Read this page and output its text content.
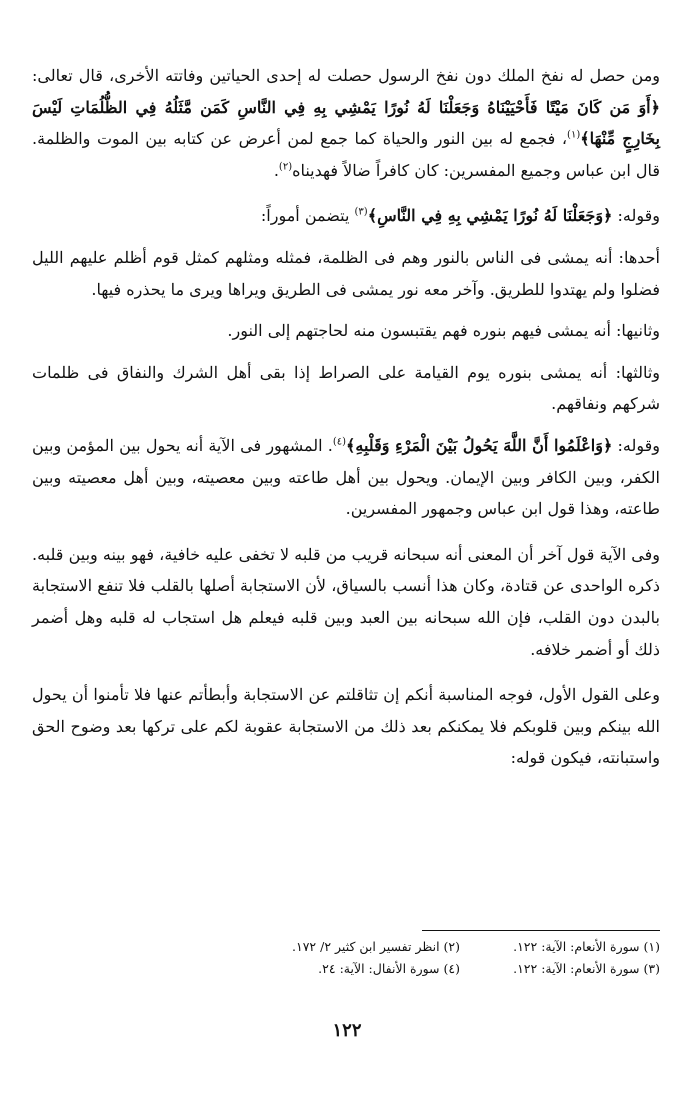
ومن حصل له نفخ الملك دون نفخ الرسول حصلت له إحدى الحياتين وفاتته الأخرى، قال تعالى: ﴿أَوَ مَن كَانَ مَيْتًا فَأَحْيَيْنَاهُ وَجَعَلْنَا لَهُ نُورًا يَمْشِي بِهِ فِي النَّاسِ كَمَن مَّثَلُهُ فِي الظُّلُمَاتِ لَيْسَ بِخَارِجٍ مِّنْهَا﴾$^{(١)}$، فجمع له بين النور والحياة كما جمع لمن أعرض عن كتابه بين الموت والظلمة. قال ابن عباس وجميع المفسرين: كان كافراً ضالاً فهديناه$^{(٢)}$.

وقوله: ﴿وَجَعَلْنَا لَهُ نُورًا يَمْشِي بِهِ فِي النَّاسِ﴾$^{(٣)}$ يتضمن أموراً:

أحدها: أنه يمشى فى الناس بالنور وهم فى الظلمة، فمثله ومثلهم كمثل قوم أظلم عليهم الليل فضلوا ولم يهتدوا للطريق. وآخر معه نور يمشى فى الطريق ويراها ويرى ما يحذره فيها.

وثانيها: أنه يمشى فيهم بنوره فهم يقتبسون منه لحاجتهم إلى النور.

وثالثها: أنه يمشى بنوره يوم القيامة على الصراط إذا بقى أهل الشرك والنفاق فى ظلمات شركهم ونفاقهم.

وقوله: ﴿وَاعْلَمُوا أَنَّ اللَّهَ يَحُولُ بَيْنَ الْمَرْءِ وَقَلْبِهِ﴾$^{(٤)}$. المشهور فى الآية أنه يحول بين المؤمن وبين الكفر، وبين الكافر وبين الإيمان. ويحول بين أهل طاعته وبين معصيته، وبين أهل معصيته وبين طاعته، وهذا قول ابن عباس وجمهور المفسرين.

وفى الآية قول آخر أن المعنى أنه سبحانه قريب من قلبه لا تخفى عليه خافية، فهو بينه وبين قلبه. ذكره الواحدى عن قتادة، وكان هذا أنسب بالسياق، لأن الاستجابة أصلها بالقلب فلا تنفع الاستجابة بالبدن دون القلب، فإن الله سبحانه بين العبد وبين قلبه فيعلم هل استجاب له قلبه وهل أضمر ذلك أو أضمر خلافه.

وعلى القول الأول، فوجه المناسبة أنكم إن تثاقلتم عن الاستجابة وأبطأتم عنها فلا تأمنوا أن يحول الله بينكم وبين قلوبكم فلا يمكنكم بعد ذلك من الاستجابة عقوبة لكم على تركها بعد وضوح الحق واستبانته، فيكون قوله:

(١) سورة الأنعام: الآية: ١٢٢.
(٢) انظر تفسير ابن كثير ٢/ ١٧٢.
(٣) سورة الأنعام: الآية: ١٢٢.
(٤) سورة الأنفال: الآية: ٢٤.
١٢٢
